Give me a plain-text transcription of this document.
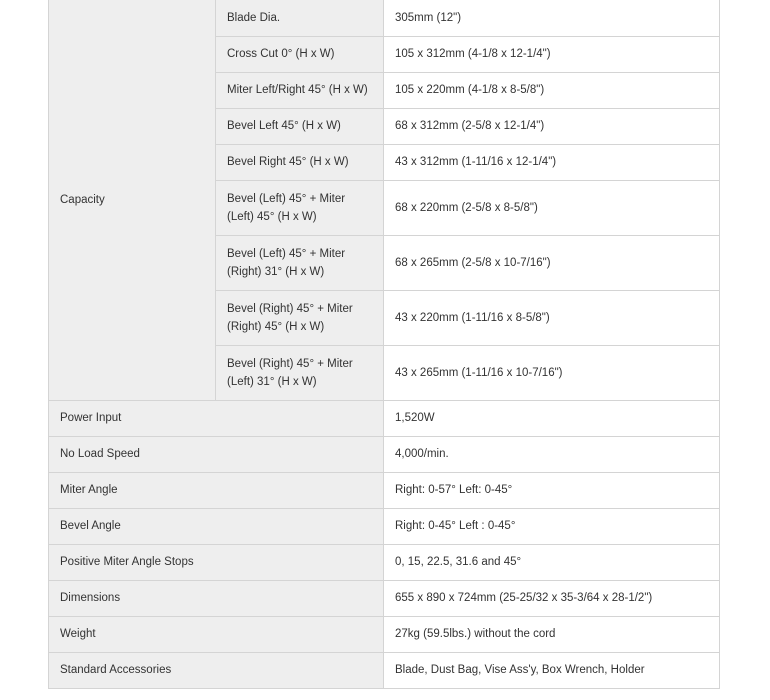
Capacity	Blade Dia.	305mm (12")
	Cross Cut 0° (H x W)	105 x 312mm (4-1/8 x 12-1/4")
	Miter Left/Right 45° (H x W)	105 x 220mm (4-1/8 x 8-5/8")
	Bevel Left 45° (H x W)	68 x 312mm (2-5/8 x 12-1/4")
	Bevel Right 45° (H x W)	43 x 312mm (1-11/16 x 12-1/4")
	Bevel (Left) 45° + Miter (Left) 45° (H x W)	68 x 220mm (2-5/8 x 8-5/8")
	Bevel (Left) 45° + Miter (Right) 31° (H x W)	68 x 265mm (2-5/8 x 10-7/16")
	Bevel (Right) 45° + Miter (Right) 45° (H x W)	43 x 220mm (1-11/16 x 8-5/8")
	Bevel (Right) 45° + Miter (Left) 31° (H x W)	43 x 265mm (1-11/16 x 10-7/16")
Power Input		1,520W
No Load Speed		4,000/min.
Miter Angle		Right: 0-57° Left: 0-45°
Bevel Angle		Right: 0-45° Left : 0-45°
Positive Miter Angle Stops		0, 15, 22.5, 31.6 and 45°
Dimensions		655 x 890 x 724mm (25-25/32 x 35-3/64 x 28-1/2")
Weight		27kg (59.5lbs.) without the cord
Standard Accessories		Blade, Dust Bag, Vise Ass'y, Box Wrench, Holder
